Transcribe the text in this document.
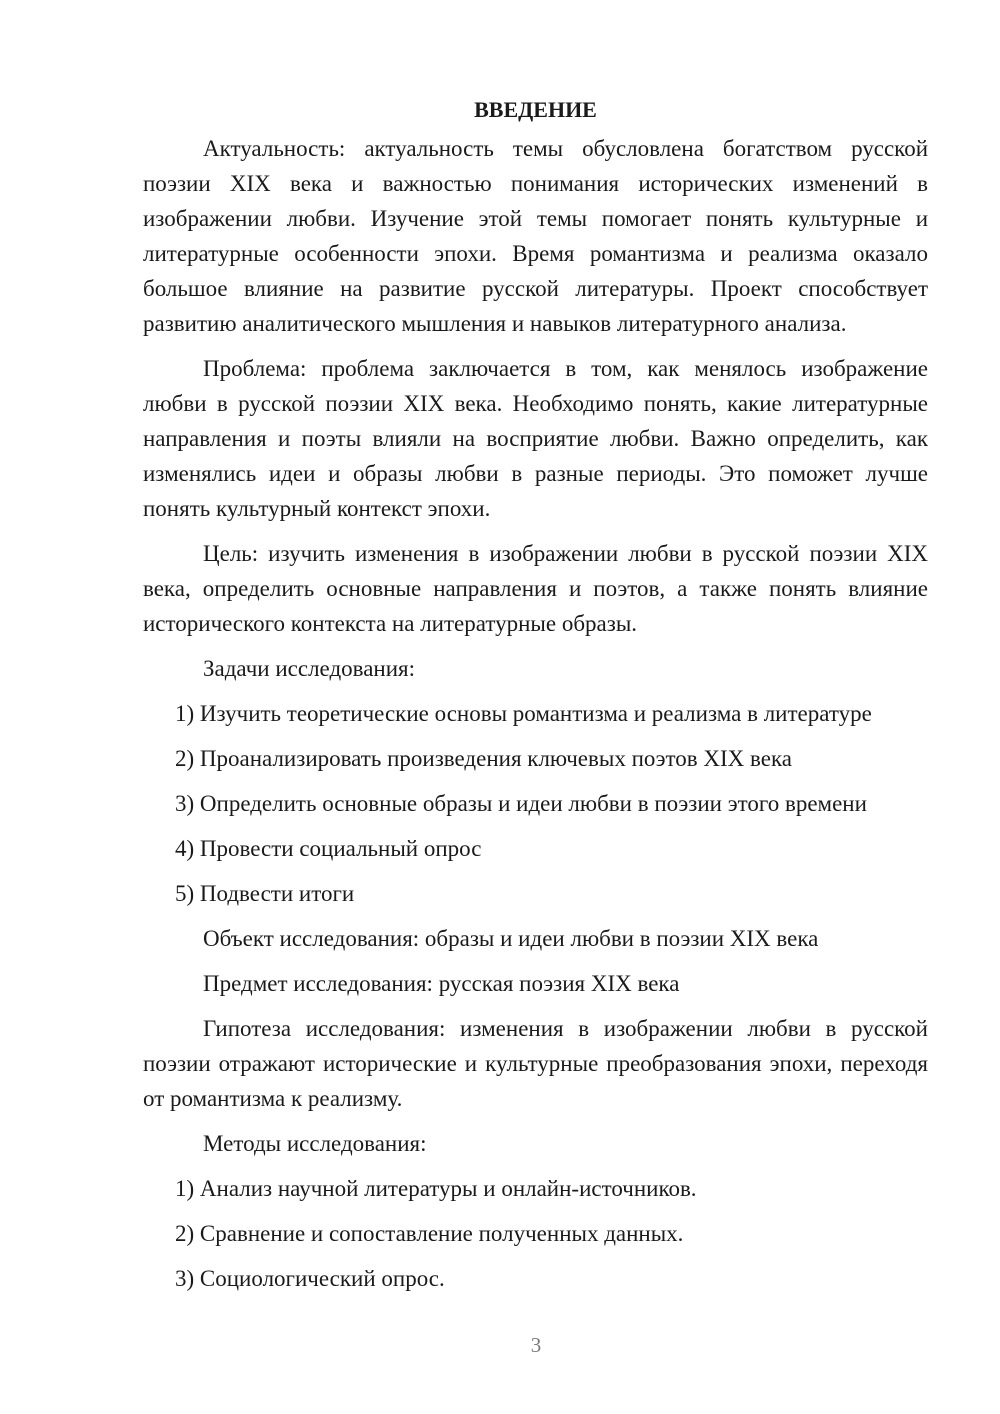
ВВЕДЕНИЕ

Актуальность: актуальность темы обусловлена богатством русской поэзии XIX века и важностью понимания исторических изменений в изображении любви. Изучение этой темы помогает понять культурные и литературные особенности эпохи. Время романтизма и реализма оказало большое влияние на развитие русской литературы. Проект способствует развитию аналитического мышления и навыков литературного анализа.

Проблема: проблема заключается в том, как менялось изображение любви в русской поэзии XIX века. Необходимо понять, какие литературные направления и поэты влияли на восприятие любви. Важно определить, как изменялись идеи и образы любви в разные периоды. Это поможет лучше понять культурный контекст эпохи.

Цель: изучить изменения в изображении любви в русской поэзии XIX века, определить основные направления и поэтов, а также понять влияние исторического контекста на литературные образы.

Задачи исследования:

1) Изучить теоретические основы романтизма и реализма в литературе
2) Проанализировать произведения ключевых поэтов XIX века
3) Определить основные образы и идеи любви в поэзии этого времени
4) Провести социальный опрос
5) Подвести итоги

Объект исследования: образы и идеи любви в поэзии XIX века

Предмет исследования: русская поэзия XIX века

Гипотеза исследования: изменения в изображении любви в русской поэзии отражают исторические и культурные преобразования эпохи, переходя от романтизма к реализму.

Методы исследования:

1) Анализ научной литературы и онлайн-источников.
2) Сравнение и сопоставление полученных данных.
3) Социологический опрос.
3
